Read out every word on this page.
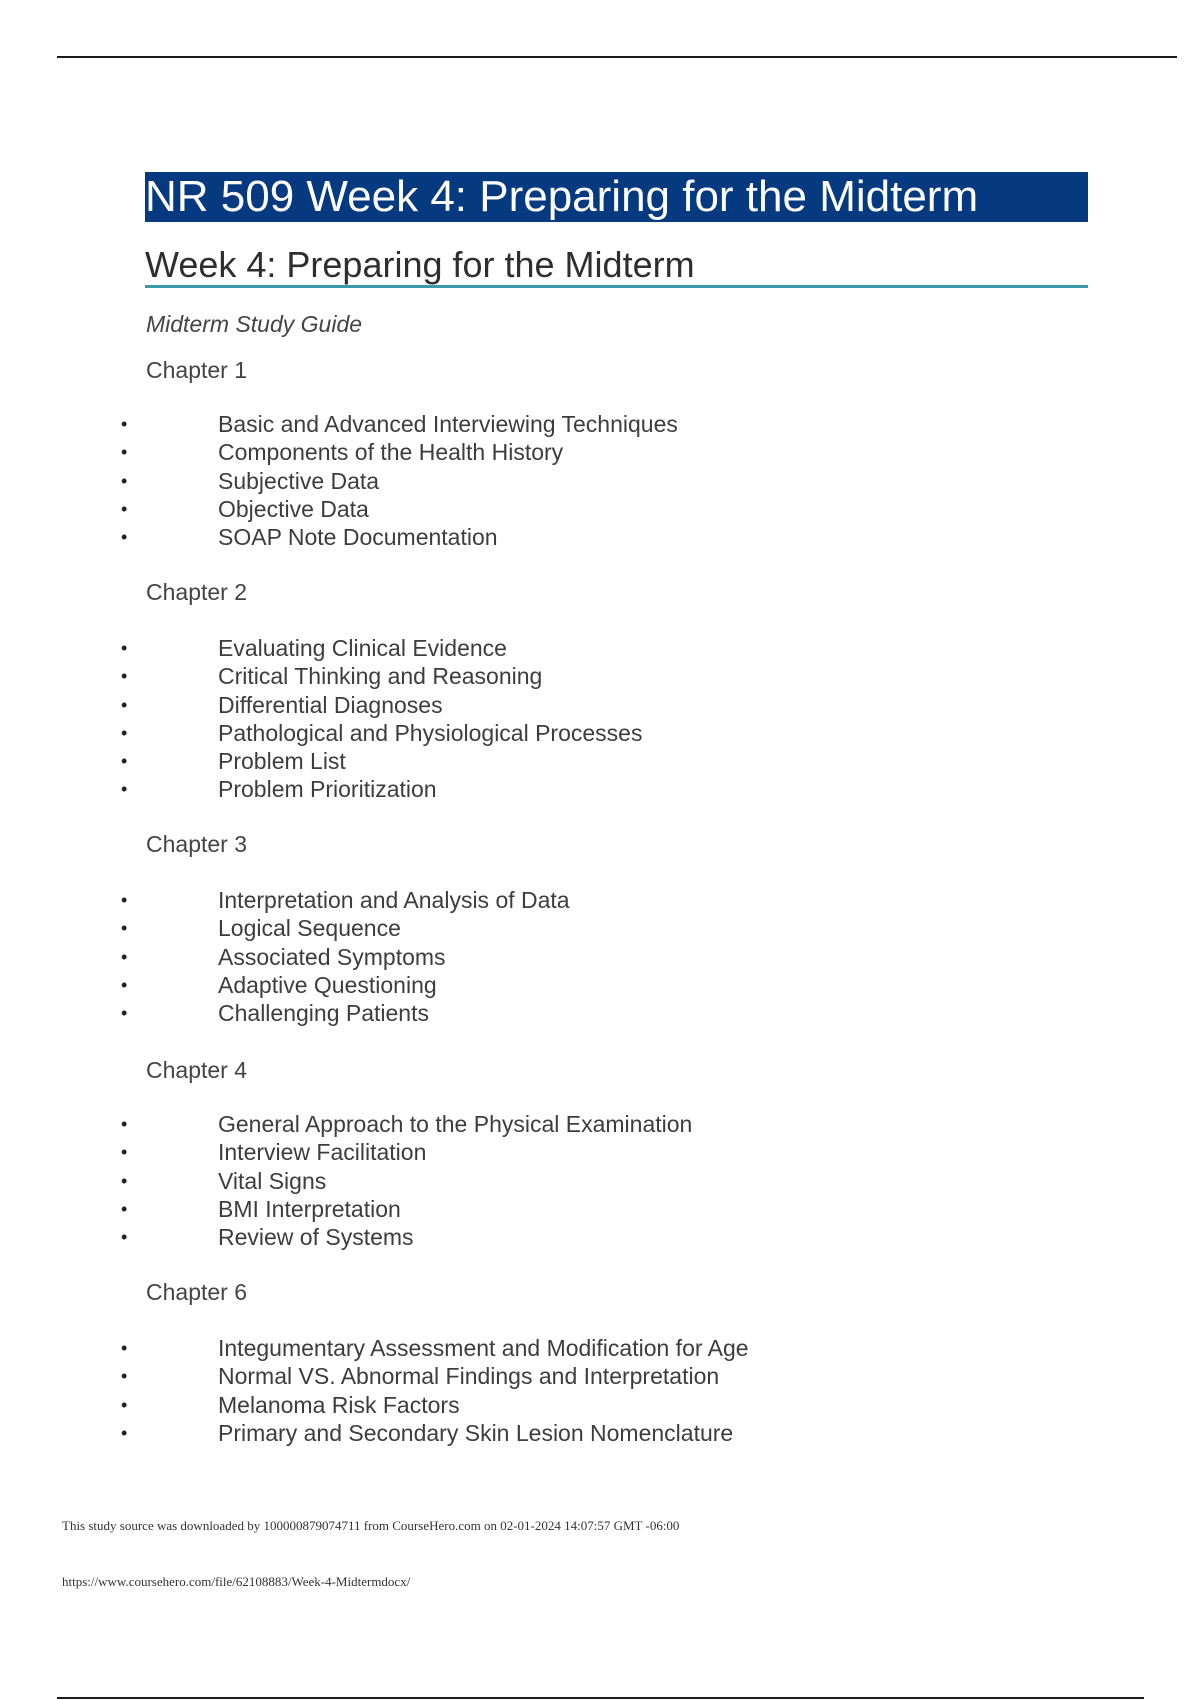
NR 509 Week 4: Preparing for the Midterm
Week 4: Preparing for the Midterm
Midterm Study Guide
Chapter 1
•	Basic and Advanced Interviewing Techniques
•	Components of the Health History
•	Subjective Data
•	Objective Data
•	SOAP Note Documentation
Chapter 2
•	Evaluating Clinical Evidence
•	Critical Thinking and Reasoning
•	Differential Diagnoses
•	Pathological and Physiological Processes
•	Problem List
•	Problem Prioritization
Chapter 3
•	Interpretation and Analysis of Data
•	Logical Sequence
•	Associated Symptoms
•	Adaptive Questioning
•	Challenging Patients
Chapter 4
•	General Approach to the Physical Examination
•	Interview Facilitation
•	Vital Signs
•	BMI Interpretation
•	Review of Systems
Chapter 6
•	Integumentary Assessment and Modification for Age
•	Normal VS. Abnormal Findings and Interpretation
•	Melanoma Risk Factors
•	Primary and Secondary Skin Lesion Nomenclature
This study source was downloaded by 100000879074711 from CourseHero.com on 02-01-2024 14:07:57 GMT -06:00
https://www.coursehero.com/file/62108883/Week-4-Midtermdocx/
